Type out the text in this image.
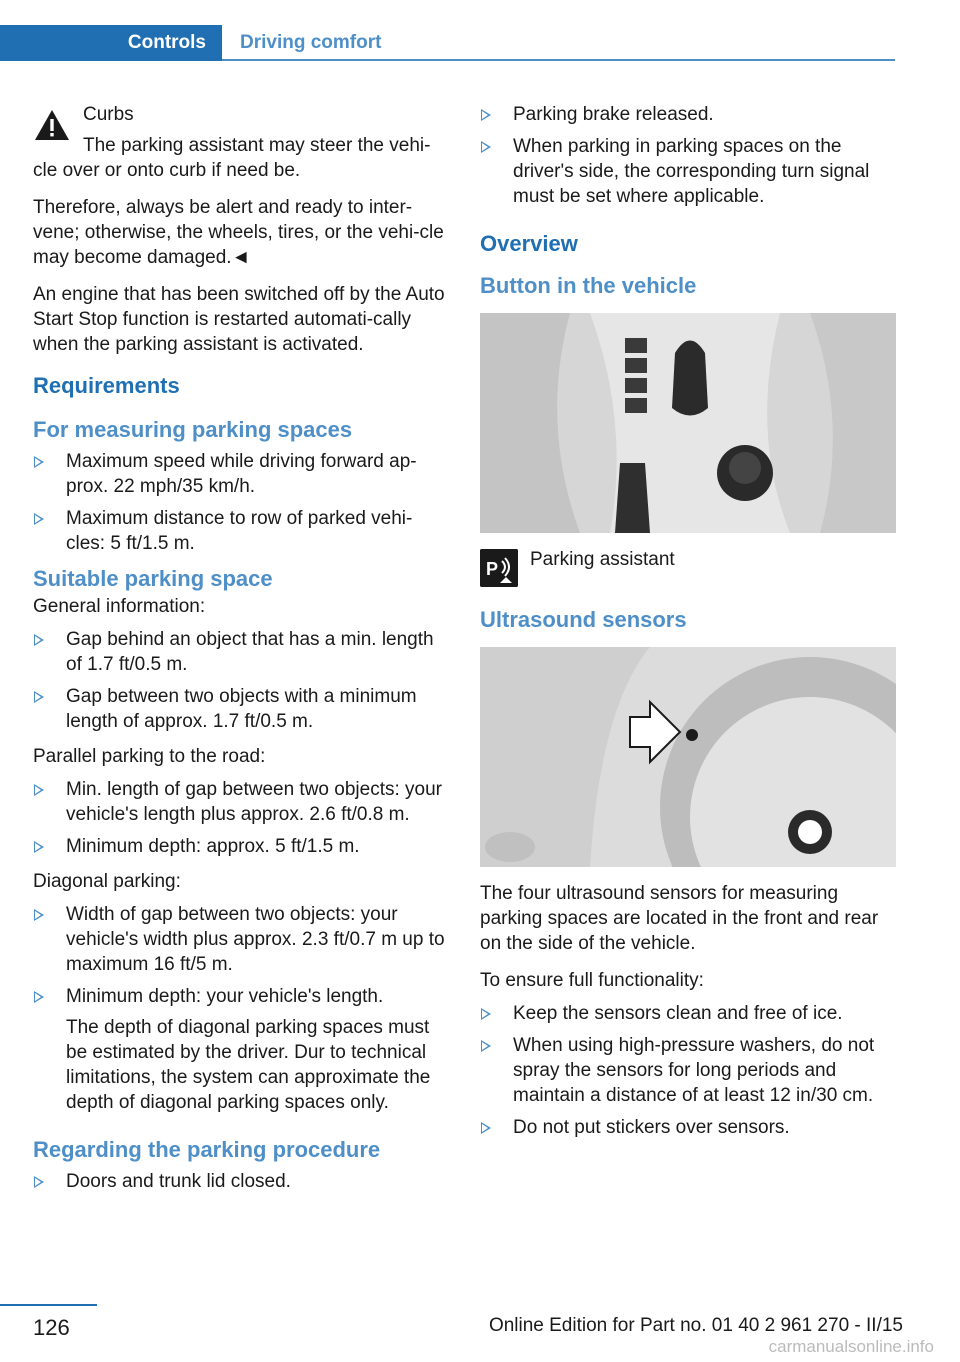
Controls	Driving comfort

Curbs

The parking assistant may steer the vehi-

cle over or onto curb if need be.

Therefore, always be alert and ready to inter-vene; otherwise, the wheels, tires, or the vehi-cle may become damaged.◄

An engine that has been switched off by the Auto Start Stop function is restarted automati-cally when the parking assistant is activated.

Requirements
For measuring parking spaces
Maximum speed while driving forward ap-prox. 22 mph/35 km/h.
Maximum distance to row of parked vehi-cles: 5 ft/1.5 m.
Suitable parking space

General information:

Gap behind an object that has a min. length of 1.7 ft/0.5 m.
Gap between two objects with a minimum length of approx. 1.7 ft/0.5 m.

Parallel parking to the road:

Min. length of gap between two objects: your vehicle's length plus approx. 2.6 ft/0.8 m.
Minimum depth: approx. 5 ft/1.5 m.

Diagonal parking:

Width of gap between two objects: your vehicle's width plus approx. 2.3 ft/0.7 m up to maximum 16 ft/5 m.
Minimum depth: your vehicle's length.
The depth of diagonal parking spaces must be estimated by the driver. Dur to technical limitations, the system can approximate the depth of diagonal parking spaces only.
Regarding the parking procedure
Doors and trunk lid closed.
Parking brake released.
When parking in parking spaces on the driver's side, the corresponding turn signal must be set where applicable.
Overview
Button in the vehicle
P Parking assistant
Ultrasound sensors

The four ultrasound sensors for measuring parking spaces are located in the front and rear on the side of the vehicle.

To ensure full functionality:

Keep the sensors clean and free of ice.
When using high-pressure washers, do not spray the sensors for long periods and maintain a distance of at least 12 in/30 cm.
Do not put stickers over sensors.
126	Online Edition for Part no. 01 40 2 961 270 - II/15
carmanualsonline.info
